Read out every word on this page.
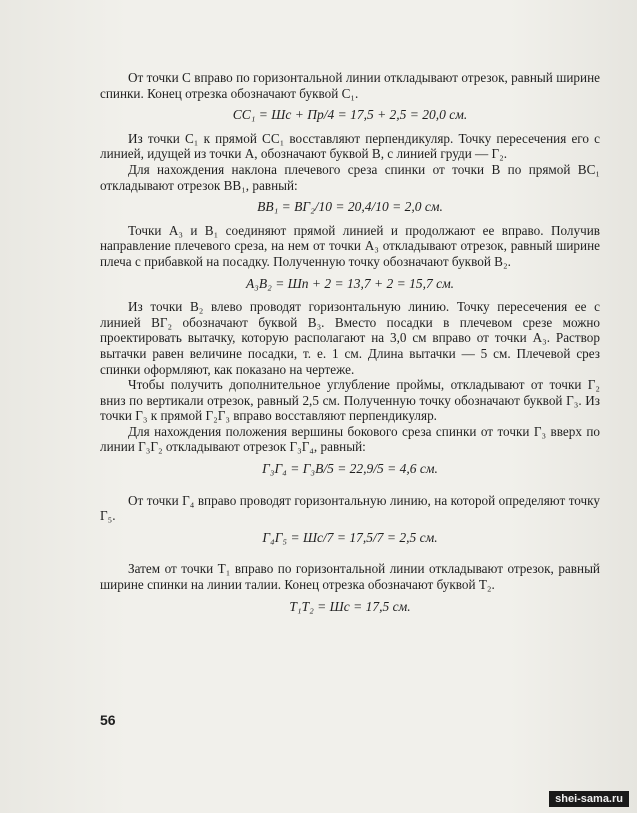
От точки C вправо по горизонтальной линии откладывают отрезок, равный ширине спинки. Конец отрезка обозначают буквой C₁.

CC₁ = Шс + Пр/4 = 17,5 + 2,5 = 20,0 см.

Из точки C₁ к прямой CC₁ восставляют перпендикуляр. Точку пересечения его с линией, идущей из точки A, обозначают буквой B, с линией груди — Г₂.

Для нахождения наклона плечевого среза спинки от точки B по прямой BC₁ откладывают отрезок BB₁, равный:

BB₁ = BГ₂/10 = 20,4/10 = 2,0 см.

Точки A₃ и B₁ соединяют прямой линией и продолжают ее вправо. Получив направление плечевого среза, на нем от точки A₃ откладывают отрезок, равный ширине плеча с прибавкой на посадку. Полученную точку обозначают буквой B₂.

A₃B₂ = Шп + 2 = 13,7 + 2 = 15,7 см.

Из точки B₂ влево проводят горизонтальную линию. Точку пересечения ее с линией BГ₂ обозначают буквой B₃. Вместо посадки в плечевом срезе можно проектировать вытачку, которую располагают на 3,0 см вправо от точки A₃. Раствор вытачки равен величине посадки, т. е. 1 см. Длина вытачки — 5 см. Плечевой срез спинки оформляют, как показано на чертеже.

Чтобы получить дополнительное углубление проймы, откладывают от точки Г₂ вниз по вертикали отрезок, равный 2,5 см. Полученную точку обозначают буквой Г₃. Из точки Г₃ к прямой Г₂Г₃ вправо восставляют перпендикуляр.

Для нахождения положения вершины бокового среза спинки от точки Г₃ вверх по линии Г₃Г₂ откладывают отрезок Г₃Г₄, равный:

Г₃Г₄ = Г₃B/5 = 22,9/5 = 4,6 см.

От точки Г₄ вправо проводят горизонтальную линию, на которой определяют точку Г₅.

Г₄Г₅ = Шс/7 = 17,5/7 = 2,5 см.

Затем от точки T₁ вправо по горизонтальной линии откладывают отрезок, равный ширине спинки на линии талии. Конец отрезка обозначают буквой T₂.

T₁T₂ = Шс = 17,5 см.

56
shei-sama.ru
